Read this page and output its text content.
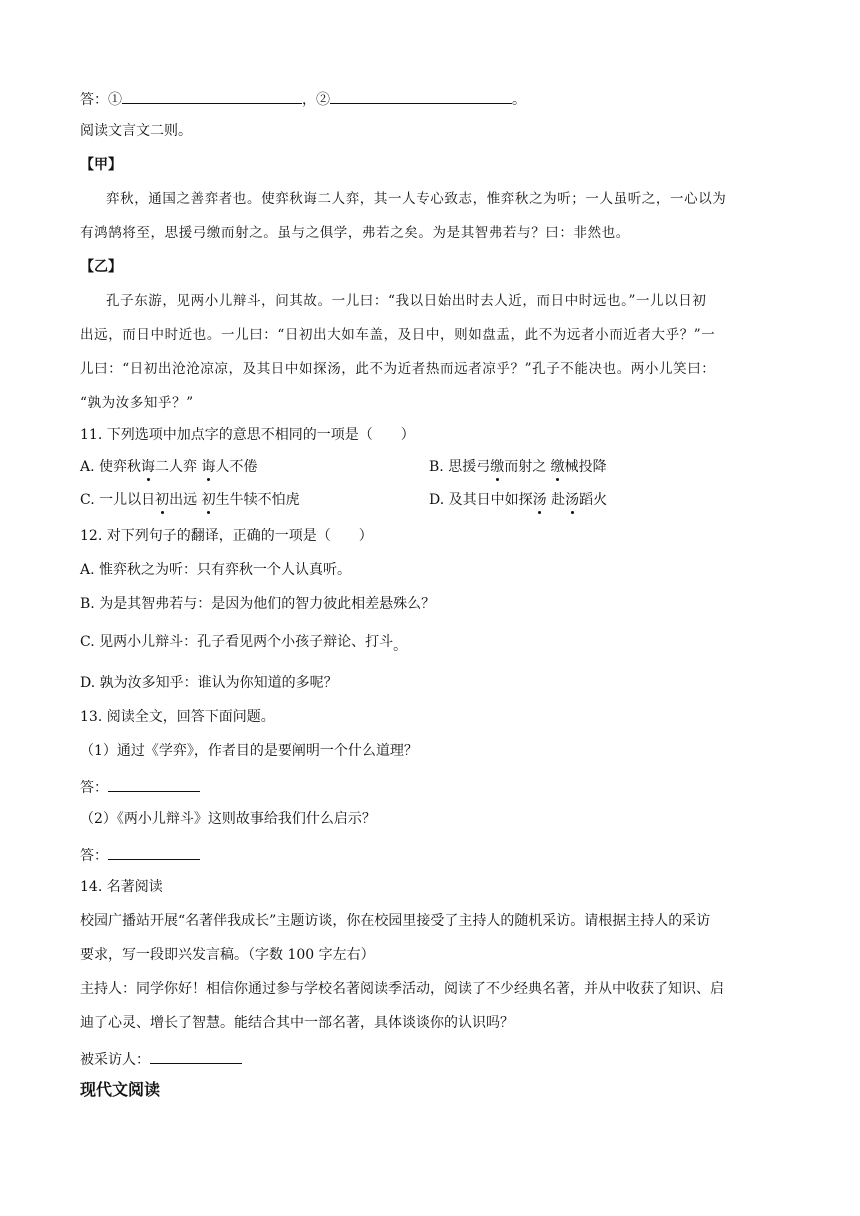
答：①	，②	。
阅读文言文二则。
【甲】
弈秋，通国之善弈者也。使弈秋诲二人弈，其一人专心致志，惟弈秋之为听；一人虽听之，一心以为
有鸿鹄将至，思援弓缴而射之。虽与之俱学，弗若之矣。为是其智弗若与？曰：非然也。
【乙】
孔子东游，见两小儿辩斗，问其故。一儿曰：“我以日始出时去人近，而日中时远也。”一儿以日初
出远，而日中时近也。一儿曰：“日初出大如车盖，及日中，则如盘盂，此不为远者小而近者大乎？”一
儿曰：“日初出沧沧凉凉，及其日中如探汤，此不为近者热而远者凉乎？”孔子不能决也。两小儿笑曰：
“孰为汝多知乎？”
11. 下列选项中加点字的意思不相同的一项是（　　）
A. 使弈秋诲二人弈 诲人不倦	B. 思援弓缴而射之 缴械投降
C. 一儿以日初出远 初生牛犊不怕虎	D. 及其日中如探汤 赴汤蹈火
12. 对下列句子的翻译，正确的一项是（　　）
A. 惟弈秋之为听：只有弈秋一个人认真听。
B. 为是其智弗若与：是因为他们的智力彼此相差悬殊么？
C. 见两小儿辩斗：孔子看见两个小孩子辩论、打斗。
D. 孰为汝多知乎：谁认为你知道的多呢？
13. 阅读全文，回答下面问题。
（1）通过《学弈》，作者目的是要阐明一个什么道理？
答：
（2）《两小儿辩斗》这则故事给我们什么启示？
答：
14. 名著阅读
校园广播站开展“名著伴我成长”主题访谈，你在校园里接受了主持人的随机采访。请根据主持人的采访
要求，写一段即兴发言稿。（字数 100 字左右）
主持人：同学你好！相信你通过参与学校名著阅读季活动，阅读了不少经典名著，并从中收获了知识、启
迪了心灵、增长了智慧。能结合其中一部名著，具体谈谈你的认识吗？
被采访人：
现代文阅读
